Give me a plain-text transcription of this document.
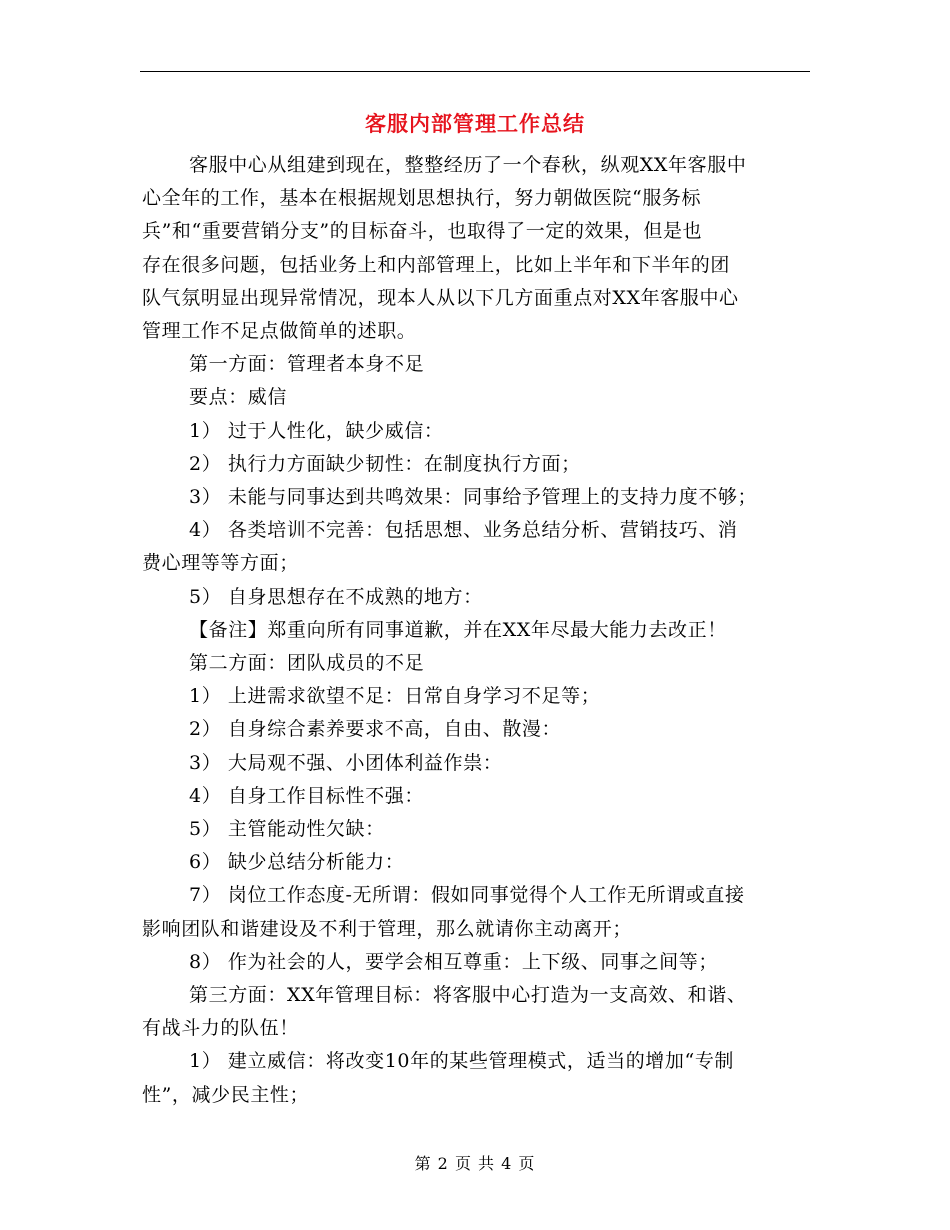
客服内部管理工作总结

客服中心从组建到现在，整整经历了一个春秋，纵观XX年客服中

心全年的工作，基本在根据规划思想执行，努力朝做医院“服务标

兵”和“重要营销分支”的目标奋斗，也取得了一定的效果，但是也

存在很多问题，包括业务上和内部管理上，比如上半年和下半年的团

队气氛明显出现异常情况，现本人从以下几方面重点对XX年客服中心

管理工作不足点做简单的述职。

第一方面：管理者本身不足

要点：威信

1） 过于人性化，缺少威信：

2） 执行力方面缺少韧性：在制度执行方面；

3） 未能与同事达到共鸣效果：同事给予管理上的支持力度不够；

4） 各类培训不完善：包括思想、业务总结分析、营销技巧、消

费心理等等方面；

5） 自身思想存在不成熟的地方：

【备注】郑重向所有同事道歉，并在XX年尽最大能力去改正！

第二方面：团队成员的不足

1） 上进需求欲望不足：日常自身学习不足等；

2） 自身综合素养要求不高，自由、散漫：

3） 大局观不强、小团体利益作祟：

4） 自身工作目标性不强：

5） 主管能动性欠缺：

6） 缺少总结分析能力：

7） 岗位工作态度-无所谓：假如同事觉得个人工作无所谓或直接

影响团队和谐建设及不利于管理，那么就请你主动离开；

8） 作为社会的人，要学会相互尊重：上下级、同事之间等；

第三方面：XX年管理目标：将客服中心打造为一支高效、和谐、

有战斗力的队伍！

1） 建立威信：将改变10年的某些管理模式，适当的增加“专制

性”，减少民主性；

第 2 页 共 4 页
